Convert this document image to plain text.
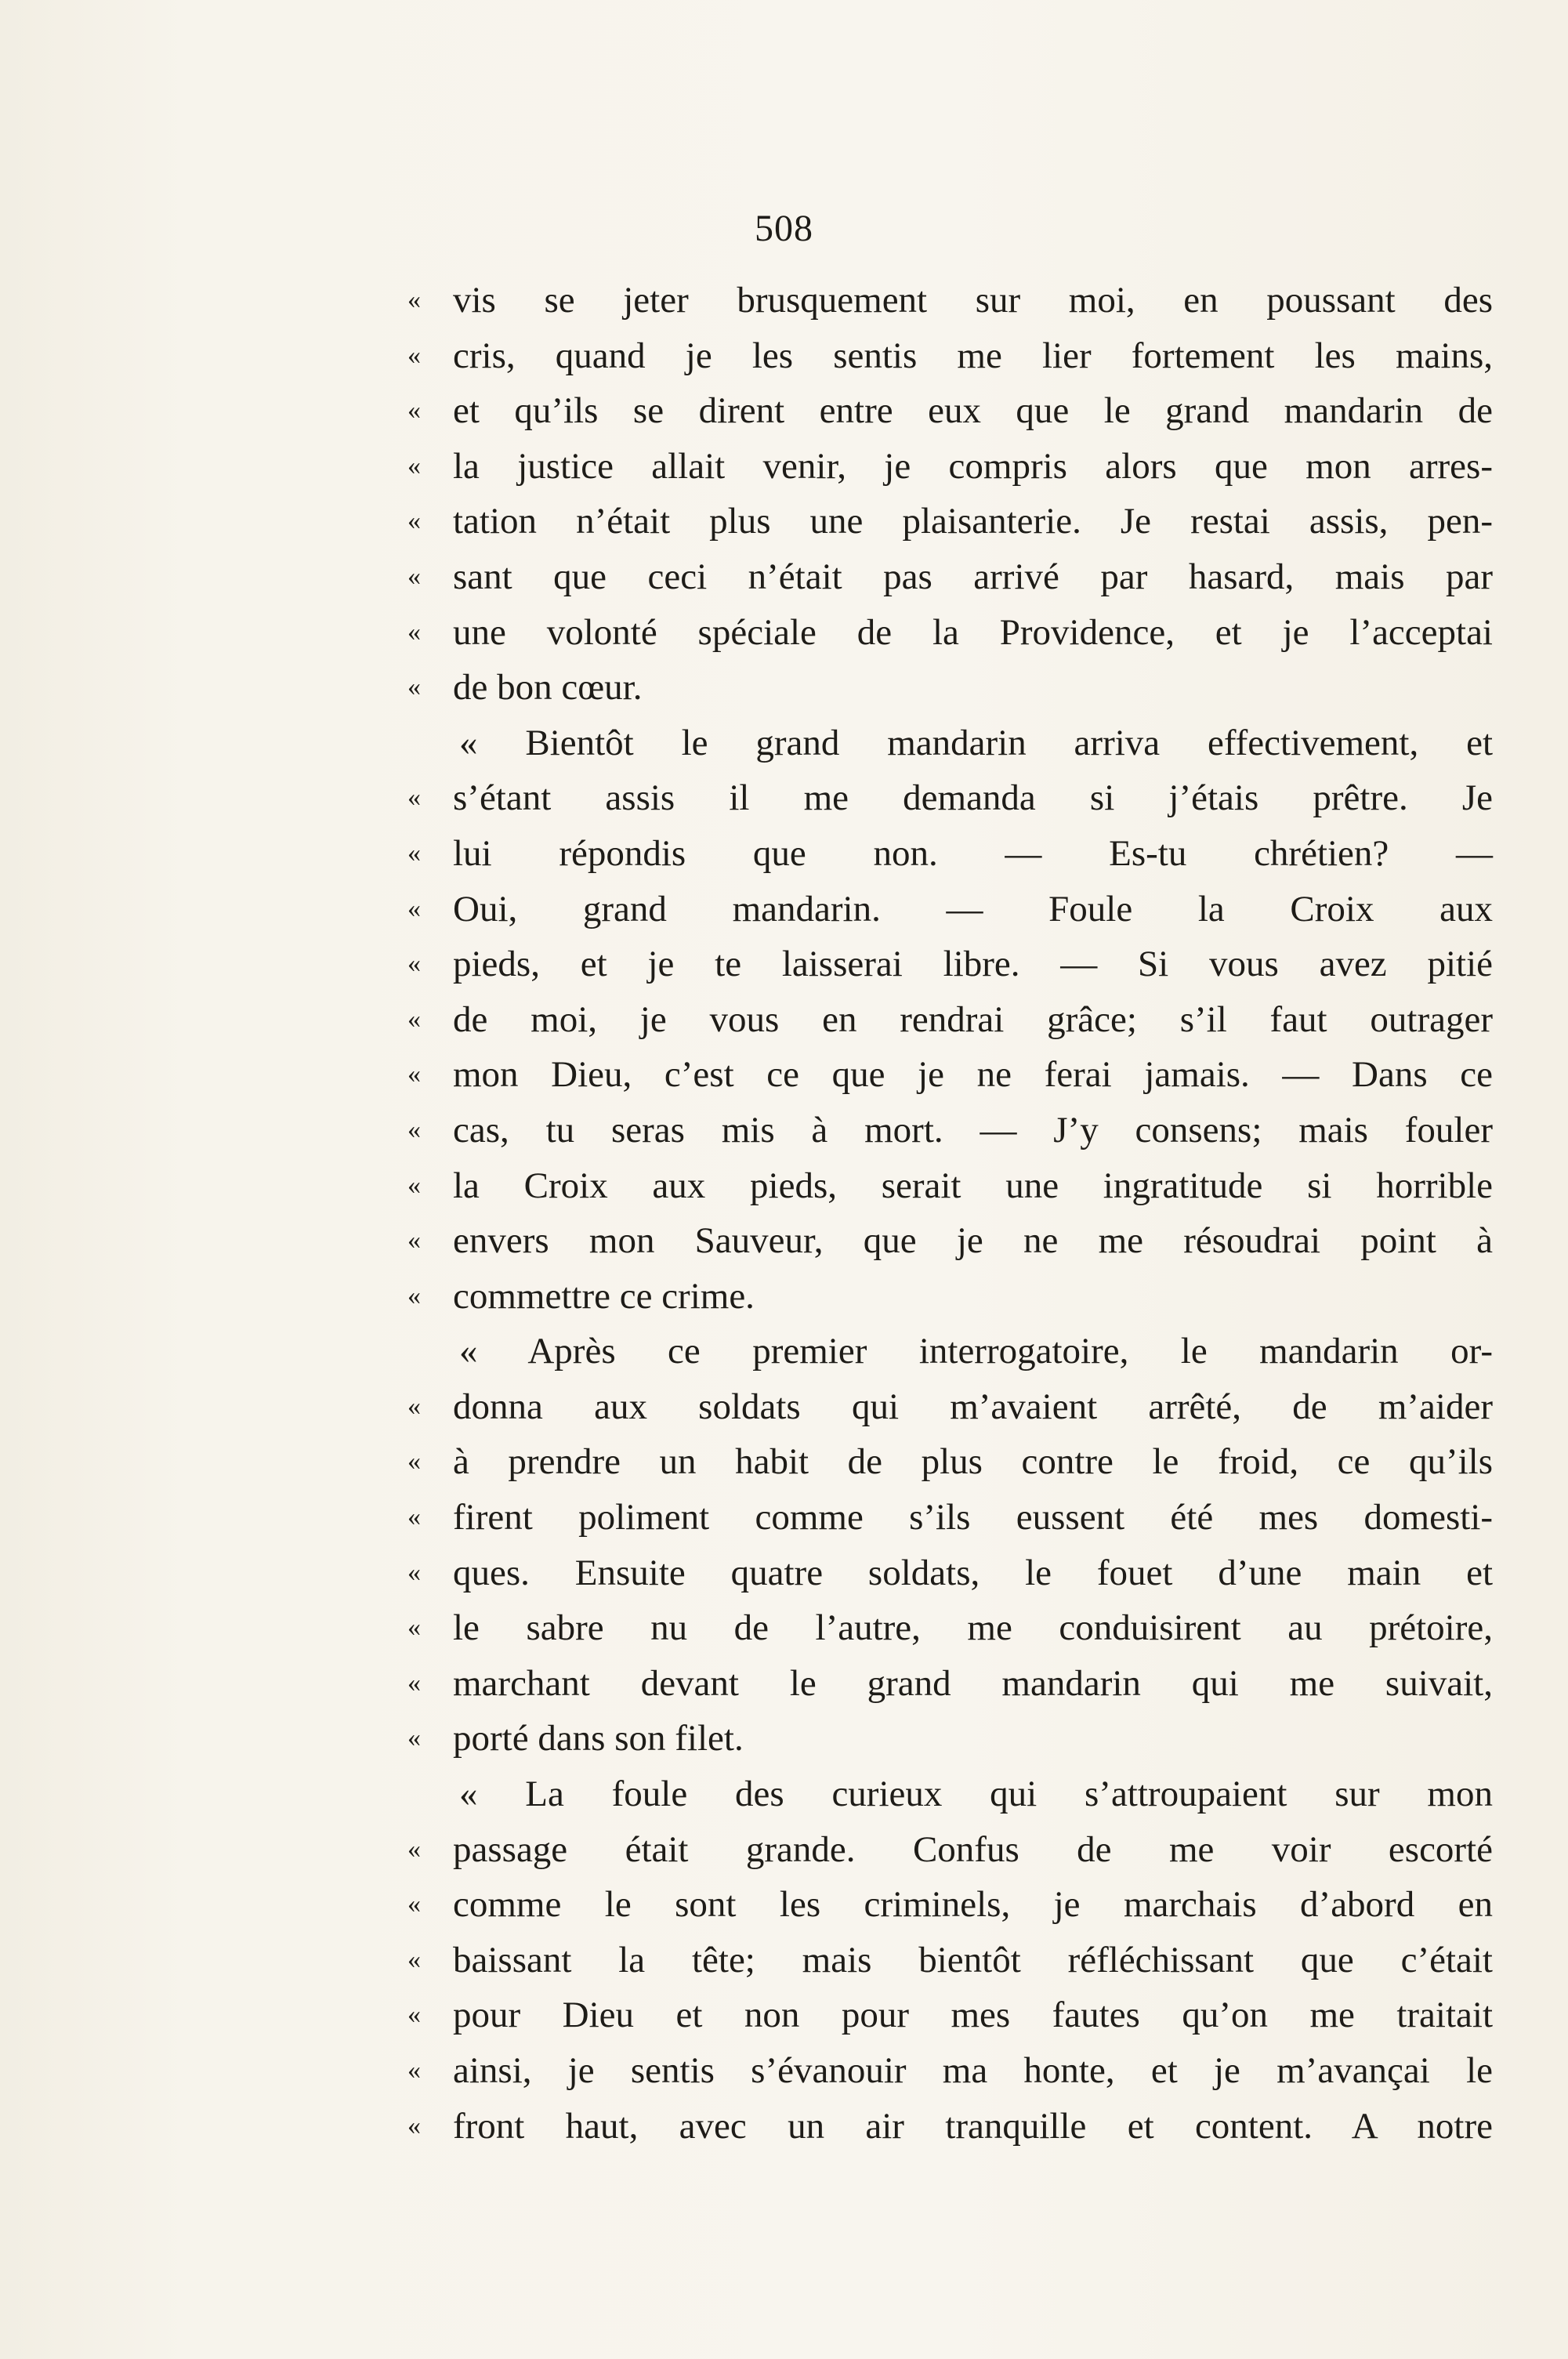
508
« vis se jeter brusquement sur moi, en poussant des
« cris, quand je les sentis me lier fortement les mains,
« et qu’ils se dirent entre eux que le grand mandarin de
« la justice allait venir, je compris alors que mon arres-
« tation n’était plus une plaisanterie. Je restai assis, pen-
« sant que ceci n’était pas arrivé par hasard, mais par
« une volonté spéciale de la Providence, et je l’acceptai
« de bon cœur.
« Bientôt le grand mandarin arriva effectivement, et
« s’étant assis il me demanda si j’étais prêtre. Je
« lui répondis que non. — Es-tu chrétien? —
« Oui, grand mandarin. — Foule la Croix aux
« pieds, et je te laisserai libre. — Si vous avez pitié
« de moi, je vous en rendrai grâce; s’il faut outrager
« mon Dieu, c’est ce que je ne ferai jamais. — Dans ce
« cas, tu seras mis à mort. — J’y consens; mais fouler
« la Croix aux pieds, serait une ingratitude si horrible
« envers mon Sauveur, que je ne me résoudrai point à
« commettre ce crime.
« Après ce premier interrogatoire, le mandarin or-
« donna aux soldats qui m’avaient arrêté, de m’aider
« à prendre un habit de plus contre le froid, ce qu’ils
« firent poliment comme s’ils eussent été mes domesti-
« ques. Ensuite quatre soldats, le fouet d’une main et
« le sabre nu de l’autre, me conduisirent au prétoire,
« marchant devant le grand mandarin qui me suivait,
« porté dans son filet.
« La foule des curieux qui s’attroupaient sur mon
« passage était grande. Confus de me voir escorté
« comme le sont les criminels, je marchais d’abord en
« baissant la tête; mais bientôt réfléchissant que c’était
« pour Dieu et non pour mes fautes qu’on me traitait
« ainsi, je sentis s’évanouir ma honte, et je m’avançai le
« front haut, avec un air tranquille et content. A notre
